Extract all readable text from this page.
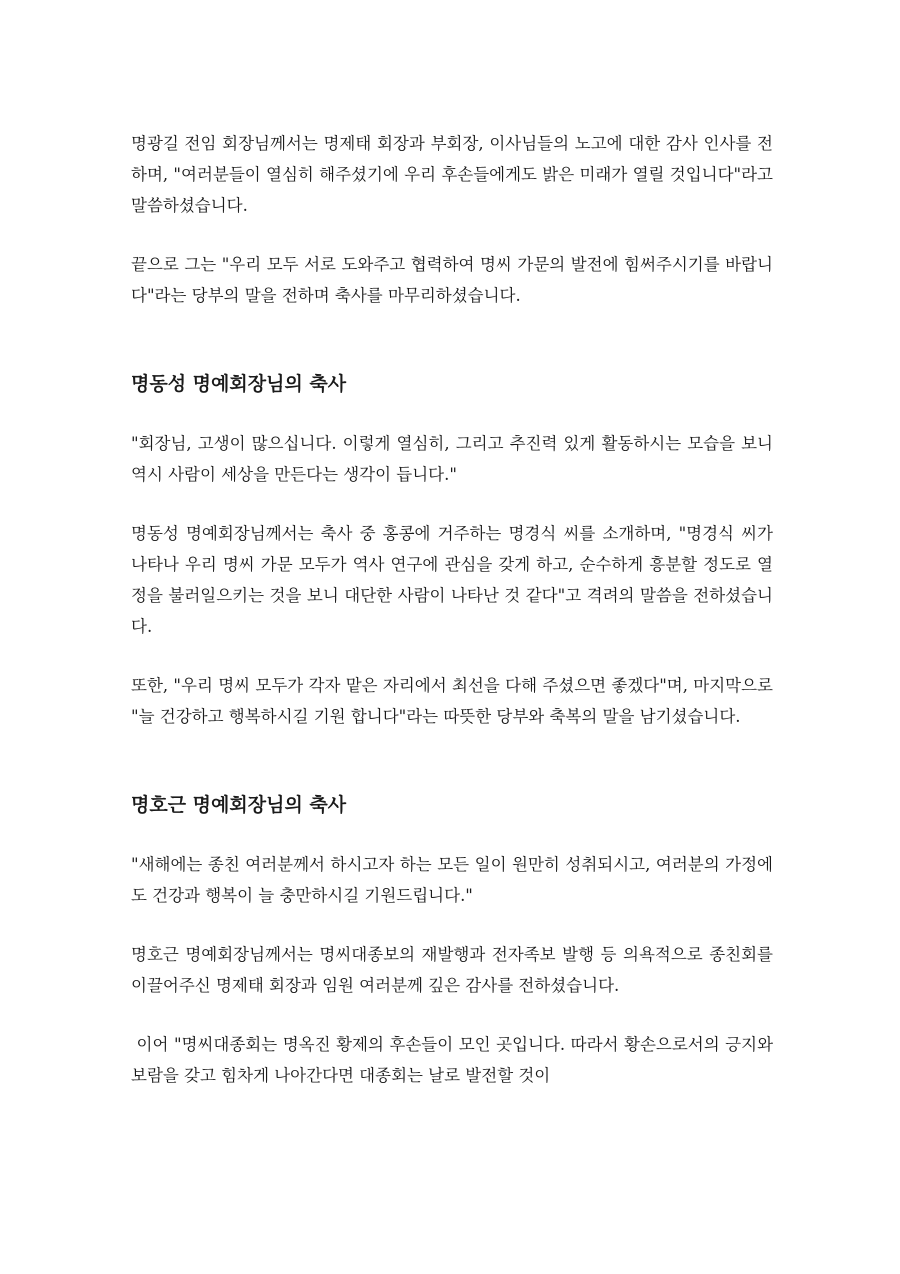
명광길 전임 회장님께서는 명제태 회장과 부회장, 이사님들의 노고에 대한 감사 인사를 전하며, "여러분들이 열심히 해주셨기에 우리 후손들에게도 밝은 미래가 열릴 것입니다"라고 말씀하셨습니다.

끝으로 그는 "우리 모두 서로 도와주고 협력하여 명씨 가문의 발전에 힘써주시기를 바랍니다"라는 당부의 말을 전하며 축사를 마무리하셨습니다.

명동성 명예회장님의 축사

"회장님, 고생이 많으십니다. 이렇게 열심히, 그리고 추진력 있게 활동하시는 모습을 보니 역시 사람이 세상을 만든다는 생각이 듭니다."

명동성 명예회장님께서는 축사 중 홍콩에 거주하는 명경식 씨를 소개하며, "명경식 씨가 나타나 우리 명씨 가문 모두가 역사 연구에 관심을 갖게 하고, 순수하게 흥분할 정도로 열정을 불러일으키는 것을 보니 대단한 사람이 나타난 것 같다"고 격려의 말씀을 전하셨습니다.

또한, "우리 명씨 모두가 각자 맡은 자리에서 최선을 다해 주셨으면 좋겠다"며, 마지막으로 "늘 건강하고 행복하시길 기원 합니다"라는 따뜻한 당부와 축복의 말을 남기셨습니다.

명호근 명예회장님의 축사

"새해에는 종친 여러분께서 하시고자 하는 모든 일이 원만히 성취되시고, 여러분의 가정에도 건강과 행복이 늘 충만하시길 기원드립니다."

명호근 명예회장님께서는 명씨대종보의 재발행과 전자족보 발행 등 의욕적으로 종친회를 이끌어주신 명제태 회장과 임원 여러분께 깊은 감사를 전하셨습니다.

이어 "명씨대종회는 명옥진 황제의 후손들이 모인 곳입니다. 따라서 황손으로서의 긍지와 보람을 갖고 힘차게 나아간다면 대종회는 날로 발전할 것이
